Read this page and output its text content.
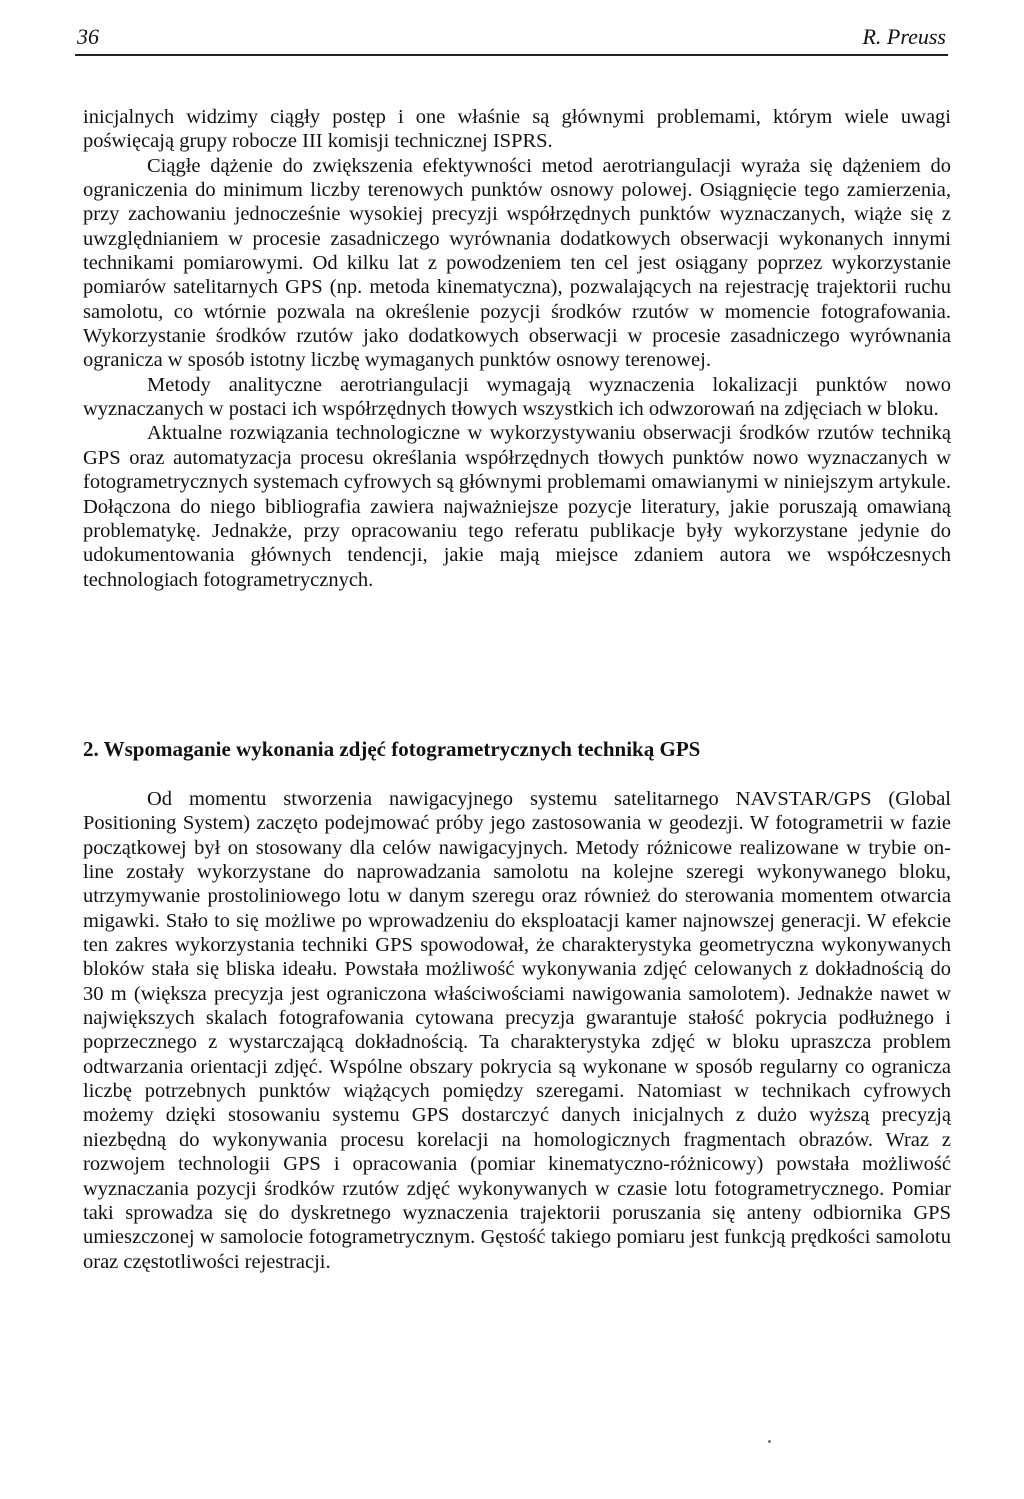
36	R. Preuss

inicjalnych widzimy ciągły postęp i one właśnie są głównymi problemami, którym wiele uwagi poświęcają grupy robocze III komisji technicznej ISPRS.

Ciągłe dążenie do zwiększenia efektywności metod aerotriangulacji wyraża się dążeniem do ograniczenia do minimum liczby terenowych punktów osnowy polowej. Osiągnięcie tego zamierzenia, przy zachowaniu jednocześnie wysokiej precyzji współrzędnych punktów wyznaczanych, wiąże się z uwzględnianiem w procesie zasadniczego wyrównania dodatkowych obserwacji wykonanych innymi technikami pomiarowymi. Od kilku lat z powodzeniem ten cel jest osiągany poprzez wykorzystanie pomiarów satelitarnych GPS (np. metoda kinematyczna), pozwalających na rejestrację trajektorii ruchu samolotu, co wtórnie pozwala na określenie pozycji środków rzutów w momencie fotografowania. Wykorzystanie środków rzutów jako dodatkowych obserwacji w procesie zasadniczego wyrównania ogranicza w sposób istotny liczbę wymaganych punktów osnowy terenowej.

Metody analityczne aerotriangulacji wymagają wyznaczenia lokalizacji punktów nowo wyznaczanych w postaci ich współrzędnych tłowych wszystkich ich odwzorowań na zdjęciach w bloku.

Aktualne rozwiązania technologiczne w wykorzystywaniu obserwacji środków rzutów techniką GPS oraz automatyzacja procesu określania współrzędnych tłowych punktów nowo wyznaczanych w fotogrametrycznych systemach cyfrowych są głównymi problemami omawianymi w niniejszym artykule. Dołączona do niego bibliografia zawiera najważniejsze pozycje literatury, jakie poruszają omawianą problematykę. Jednakże, przy opracowaniu tego referatu publikacje były wykorzystane jedynie do udokumentowania głównych tendencji, jakie mają miejsce zdaniem autora we współczesnych technologiach fotogrametrycznych.

2. Wspomaganie wykonania zdjęć fotogrametrycznych techniką GPS

Od momentu stworzenia nawigacyjnego systemu satelitarnego NAVSTAR/GPS (Global Positioning System) zaczęto podejmować próby jego zastosowania w geodezji. W fotogrametrii w fazie początkowej był on stosowany dla celów nawigacyjnych. Metody różnicowe realizowane w trybie on-line zostały wykorzystane do naprowadzania samolotu na kolejne szeregi wykonywanego bloku, utrzymywanie prostoliniowego lotu w danym szeregu oraz również do sterowania momentem otwarcia migawki. Stało to się możliwe po wprowadzeniu do eksploatacji kamer najnowszej generacji. W efekcie ten zakres wykorzystania techniki GPS spowodował, że charakterystyka geometryczna wykonywanych bloków stała się bliska ideału. Powstała możliwość wykonywania zdjęć celowanych z dokładnością do 30 m (większa precyzja jest ograniczona właściwościami nawigowania samolotem). Jednakże nawet w największych skalach fotografowania cytowana precyzja gwarantuje stałość pokrycia podłużnego i poprzecznego z wystarczającą dokładnością. Ta charakterystyka zdjęć w bloku upraszcza problem odtwarzania orientacji zdjęć. Wspólne obszary pokrycia są wykonane w sposób regularny co ogranicza liczbę potrzebnych punktów wiążących pomiędzy szeregami. Natomiast w technikach cyfrowych możemy dzięki stosowaniu systemu GPS dostarczyć danych inicjalnych z dużo wyższą precyzją niezbędną do wykonywania procesu korelacji na homologicznych fragmentach obrazów. Wraz z rozwojem technologii GPS i opracowania (pomiar kinematyczno-różnicowy) powstała możliwość wyznaczania pozycji środków rzutów zdjęć wykonywanych w czasie lotu fotogrametrycznego. Pomiar taki sprowadza się do dyskretnego wyznaczenia trajektorii poruszania się anteny odbiornika GPS umieszczonej w samolocie fotogrametrycznym. Gęstość takiego pomiaru jest funkcją prędkości samolotu oraz częstotliwości rejestracji.
